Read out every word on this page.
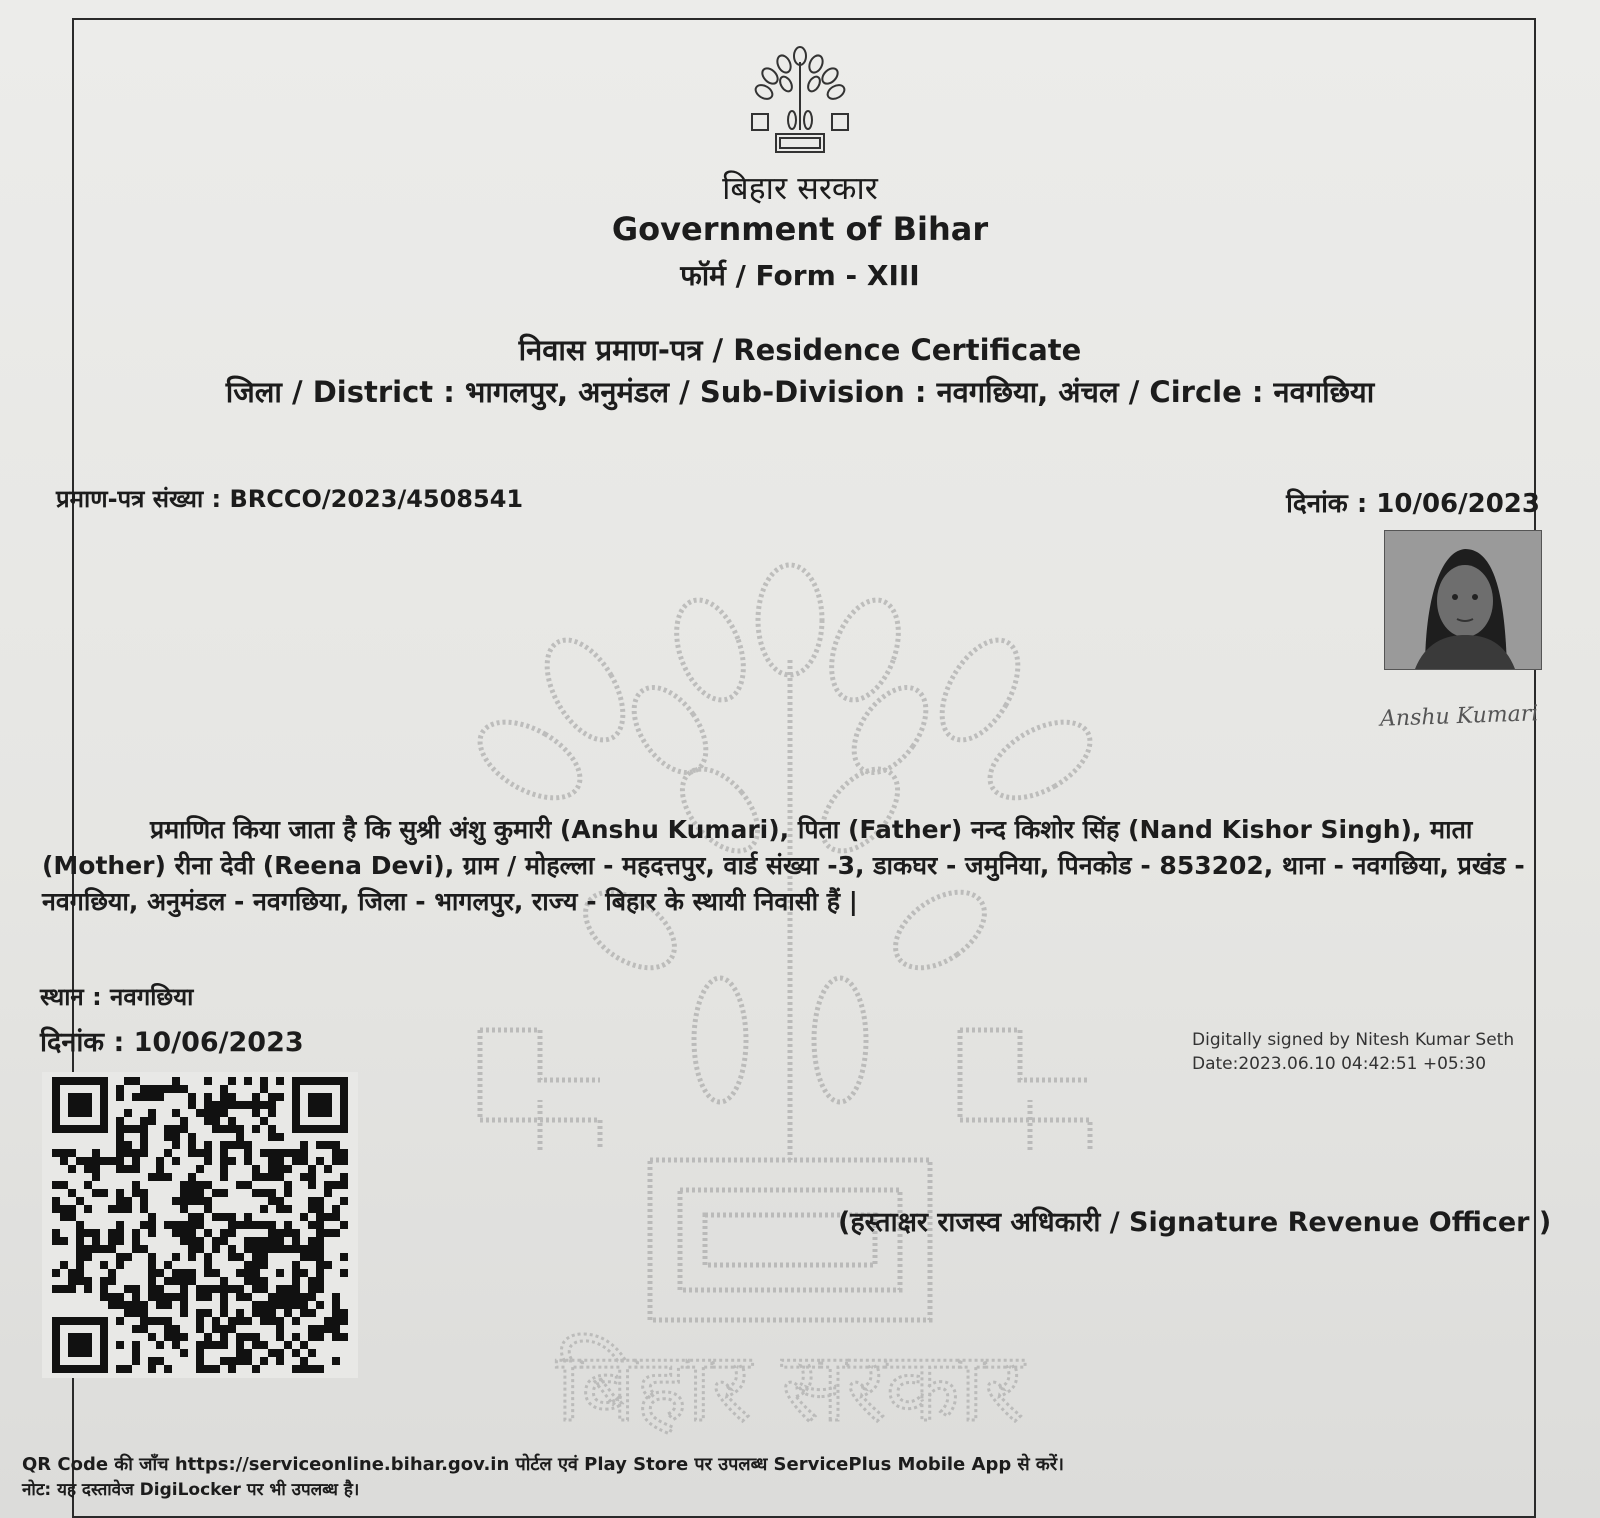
बिहार सरकार
Government of Bihar
फॉर्म / Form - XIII
निवास प्रमाण-पत्र / Residence Certificate
जिला / District : भागलपुर, अनुमंडल / Sub-Division : नवगछिया, अंचल / Circle : नवगछिया
प्रमाण-पत्र संख्या : BRCCO/2023/4508541	दिनांक : 10/06/2023
Anshu Kumari
बिहार सरकार
प्रमाणित किया जाता है कि सुश्री अंशु कुमारी (Anshu Kumari), पिता (Father) नन्द किशोर सिंह (Nand Kishor Singh), माता (Mother) रीना देवी (Reena Devi), ग्राम / मोहल्ला - महदत्तपुर, वार्ड संख्या -3, डाकघर - जमुनिया, पिनकोड - 853202, थाना - नवगछिया, प्रखंड - नवगछिया, अनुमंडल - नवगछिया, जिला - भागलपुर, राज्य - बिहार के स्थायी निवासी हैं |
स्थान : नवगछिया
दिनांक : 10/06/2023	Digitally signed by Nitesh Kumar Seth
Date:2023.06.10 04:42:51 +05:30
(हस्ताक्षर राजस्व अधिकारी / Signature Revenue Officer )
QR Code की जाँच https://serviceonline.bihar.gov.in पोर्टल एवं Play Store पर उपलब्ध ServicePlus Mobile App से करें।
नोट: यह दस्तावेज DigiLocker पर भी उपलब्ध है।
